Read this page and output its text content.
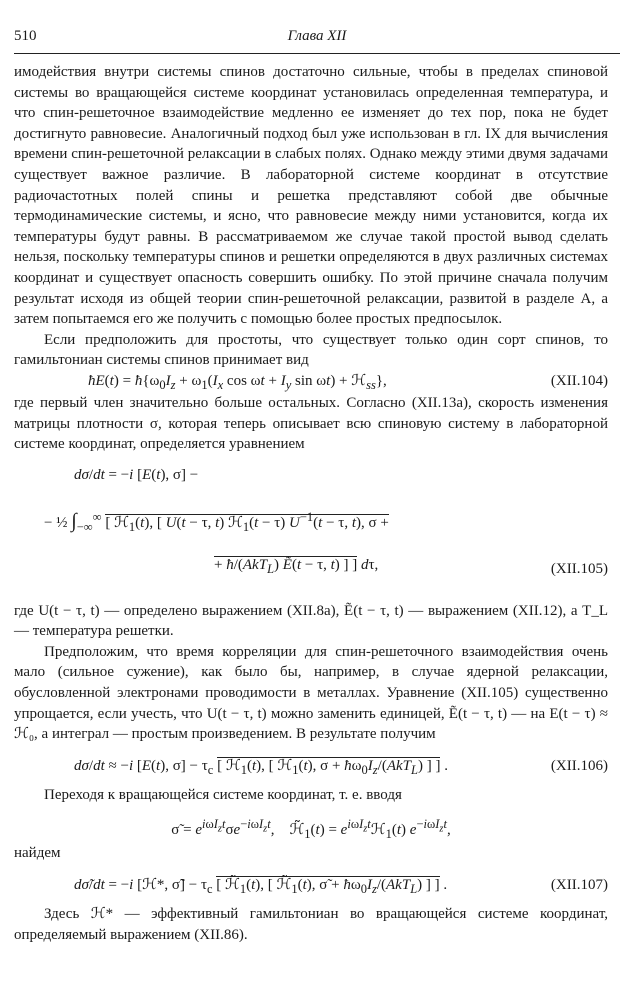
510	Глава XII

имодействия внутри системы спинов достаточно сильные, чтобы в пределах спиновой системы во вращающейся системе координат установилась определенная температура, и что спин-решеточное взаимодействие медленно ее изменяет до тех пор, пока не будет достигнуто равновесие. Аналогичный подход был уже использован в гл. IX для вычисления времени спин-решеточной релаксации в слабых полях. Однако между этими двумя задачами существует важное различие. В лабораторной системе координат в отсутствие радиочастотных полей спины и решетка представляют собой две обычные термодинамические системы, и ясно, что равновесие между ними установится, когда их температуры будут равны. В рассматриваемом же случае такой простой вывод сделать нельзя, поскольку температуры спинов и решетки определяются в двух различных системах координат и существует опасность совершить ошибку. По этой причине сначала получим результат исходя из общей теории спин-решеточной релаксации, развитой в разделе А, а затем попытаемся его же получить с помощью более простых предпосылок.

Если предположить для простоты, что существует только один сорт спинов, то гамильтониан системы спинов принимает вид

ħE(t) = $ħ\{\omega_0I_z + \omega_1(I_x$ $\cos \omega t + I_y$ sin ωt) + ℋ$_{ss}$},	(XII.104)

где первый член значительно больше остальных. Согласно (XII.13а), скорость изменения матрицы плотности σ, которая теперь описывает всю спиновую систему в лабораторной системе координат, определяется уравнением

dσ/dt = −i [E(t), σ] −
− ½ $\int_{-\infty}^\infty$ [ ℋ$_1$(t), [ U(t − τ, t) ℋ$_1$(t − τ) $U^{-1}(t - \tau$, t), σ +
+ ħ/(AkT$_L$) Ẽ(t − τ, t) ] ] dτ,	(XII.105)

где U(t − τ, t) — определено выражением (XII.8а), Ẽ(t − τ, t) — выражением (XII.12), а T_L — температура решетки.

Предположим, что время корреляции для спин-решеточного взаимодействия очень мало (сильное сужение), как было бы, например, в случае ядерной релаксации, обусловленной электронами проводимости в металлах. Уравнение (XII.105) существенно упрощается, если учесть, что U(t − τ, t) можно заменить единицей, Ẽ(t − τ, t) — на E(t − τ) ≈ ℋ₀, а интеграл — простым произведением. В результате получим

dσ/dt ≈ −i [E(t), $\sigma] - \tau_c$ [ ℋ$_1$(t), [ ℋ$_1$(t), $\sigma + ħ\omega_0I_z/(AkT_L)$ ] ] .	(XII.106)

Переходя к вращающейся системе координат, т. е. вводя

σ̃ = $e^{i\omega I_zt}\sigma e^{-i\omega I_zt}$,    $ℋ̃_1(t)$ = $e^{i\omega I_zt}ℋ_1(t)$ $e^{-i\omega I_zt}$,

найдем

dσ̃/dt = −i [ℋ*, σ̃] − $\tau_c$ [ $ℋ̃_1(t)$, [ $ℋ̃_1(t)$, σ̃ + $ħ\omega_0I_z/(AkT_L)$ ] ] .	(XII.107)

Здесь ℋ* — эффективный гамильтониан во вращающейся системе координат, определяемый выражением (XII.86).
